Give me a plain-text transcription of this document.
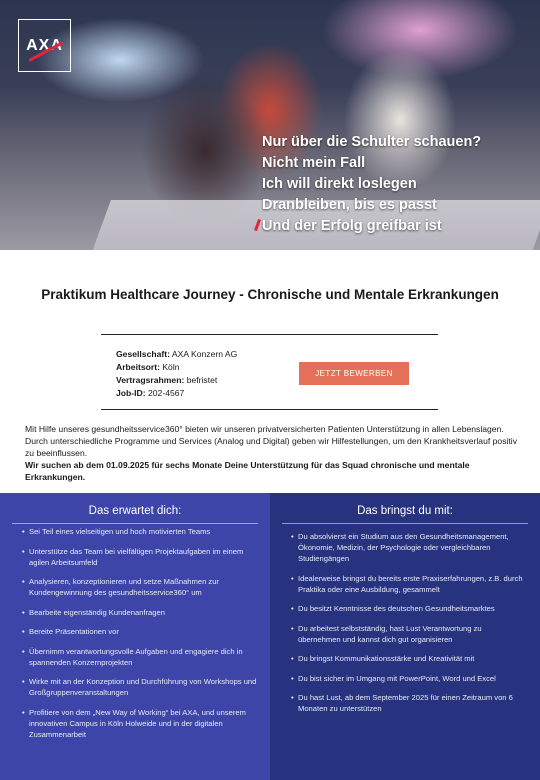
AXA
Nur über die Schulter schauen?
Nicht mein Fall
Ich will direkt loslegen
Dranbleiben, bis es passt
Und der Erfolg greifbar ist
Praktikum Healthcare Journey - Chronische und Mentale Erkrankungen
Gesellschaft: AXA Konzern AG
Arbeitsort: Köln
Vertragsrahmen: befristet
Job-ID: 202-4567
JETZT BEWERBEN
Mit Hilfe unseres gesundheitsservice360° bieten wir unseren privatversicherten Patienten Unterstützung in allen Lebenslagen. Durch unterschiedliche Programme und Services (Analog und Digital) geben wir Hilfestellungen, um den Krankheitsverlauf positiv zu beeinflussen.
Wir suchen ab dem 01.09.2025 für sechs Monate Deine Unterstützung für das Squad chronische und mentale Erkrankungen.
Das erwartet dich:
• Sei Teil eines vielseitigen und hoch motivierten Teams
• Unterstütze das Team bei vielfältigen Projektaufgaben im einem agilen Arbeitsumfeld
• Analysieren, konzeptionieren und setze Maßnahmen zur Kundengewinnung des gesundheitsservice360° um
• Bearbeite eigenständig Kundenanfragen
• Bereite Präsentationen vor
• Übernimm verantwortungsvolle Aufgaben und engagiere dich in spannenden Konzernprojekten
• Wirke mit an der Konzeption und Durchführung von Workshops und Großgruppenveranstaltungen
• Profitiere von dem „New Way of Working“ bei AXA, und unserem innovativen Campus in Köln Holweide und in der digitalen Zusammenarbeit
Das bringst du mit:
• Du absolvierst ein Studium aus den Gesundheitsmanagement, Ökonomie, Medizin, der Psychologie oder vergleichbaren Studiengängen
• Idealerweise bringst du bereits erste Praxiserfahrungen, z.B. durch Praktika oder eine Ausbildung, gesammelt
• Du besitzt Kenntnisse des deutschen Gesundheitsmarktes
• Du arbeitest selbstständig, hast Lust Verantwortung zu übernehmen und kannst dich gut organisieren
• Du bringst Kommunikationsstärke und Kreativität mit
• Du bist sicher im Umgang mit PowerPoint, Word und Excel
• Du hast Lust, ab dem September 2025 für einen Zeitraum von 6 Monaten zu unterstützen
